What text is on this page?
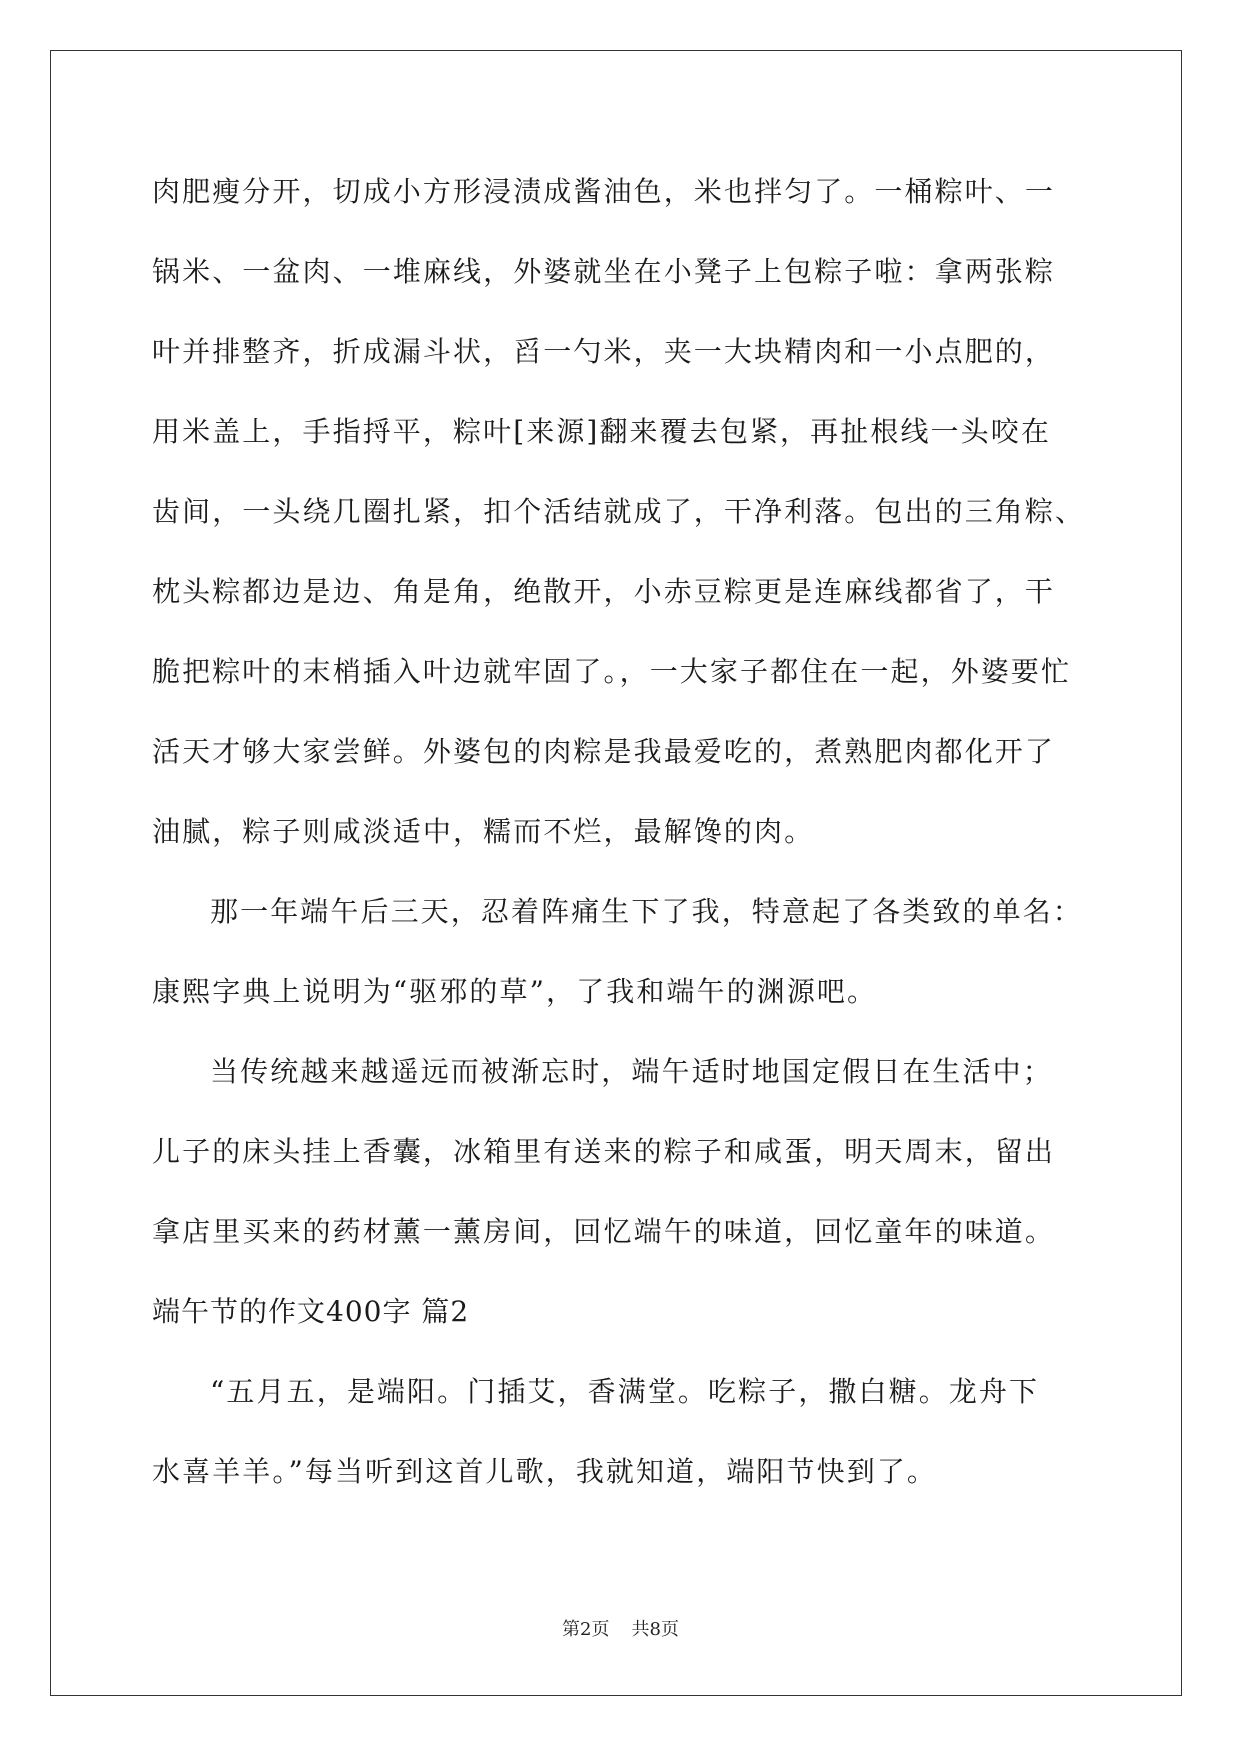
肉肥瘦分开，切成小方形浸渍成酱油色，米也拌匀了。一桶粽叶、一
锅米、一盆肉、一堆麻线，外婆就坐在小凳子上包粽子啦：拿两张粽
叶并排整齐，折成漏斗状，舀一勺米，夹一大块精肉和一小点肥的，
用米盖上，手指捋平，粽叶[来源]翻来覆去包紧，再扯根线一头咬在
齿间，一头绕几圈扎紧，扣个活结就成了，干净利落。包出的三角粽、
枕头粽都边是边、角是角，绝散开，小赤豆粽更是连麻线都省了，干
脆把粽叶的末梢插入叶边就牢固了。，一大家子都住在一起，外婆要忙
活天才够大家尝鲜。外婆包的肉粽是我最爱吃的，煮熟肥肉都化开了
油腻，粽子则咸淡适中，糯而不烂，最解馋的肉。
那一年端午后三天，忍着阵痛生下了我，特意起了各类致的单名：
康熙字典上说明为“驱邪的草”，了我和端午的渊源吧。
当传统越来越遥远而被渐忘时，端午适时地国定假日在生活中；
儿子的床头挂上香囊，冰箱里有送来的粽子和咸蛋，明天周末，留出
拿店里买来的药材薰一薰房间，回忆端午的味道，回忆童年的味道。
端午节的作文400字 篇2
“五月五，是端阳。门插艾，香满堂。吃粽子，撒白糖。龙舟下
水喜羊羊。”每当听到这首儿歌，我就知道，端阳节快到了。
第2页 共8页
